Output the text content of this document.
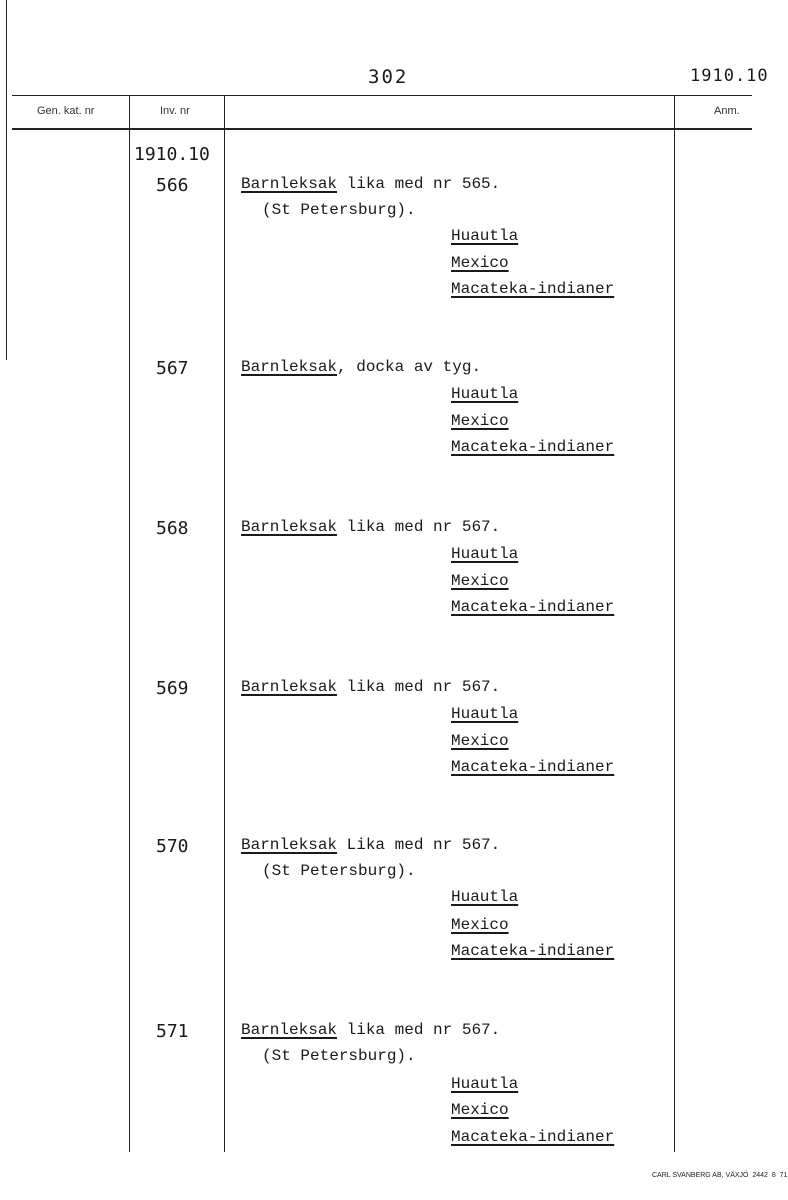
302	1910.10
Gen. kat. nr	Inv. nr	Anm.
1910.10
566	Barnleksak lika med nr 565.
(St Petersburg).
Huautla
Mexico
Macateka-indianer
567	Barnleksak, docka av tyg.
Huautla
Mexico
Macateka-indianer
568	Barnleksak lika med nr 567.
Huautla
Mexico
Macateka-indianer
569	Barnleksak lika med nr 567.
Huautla
Mexico
Macateka-indianer
570	Barnleksak Lika med nr 567.
(St Petersburg).
Huautla
Mexico
Macateka-indianer
571	Barnleksak lika med nr 567.
(St Petersburg).
Huautla
Mexico
Macateka-indianer
CARL SVANBERG AB, VÄXJÖ  2442  8  71
